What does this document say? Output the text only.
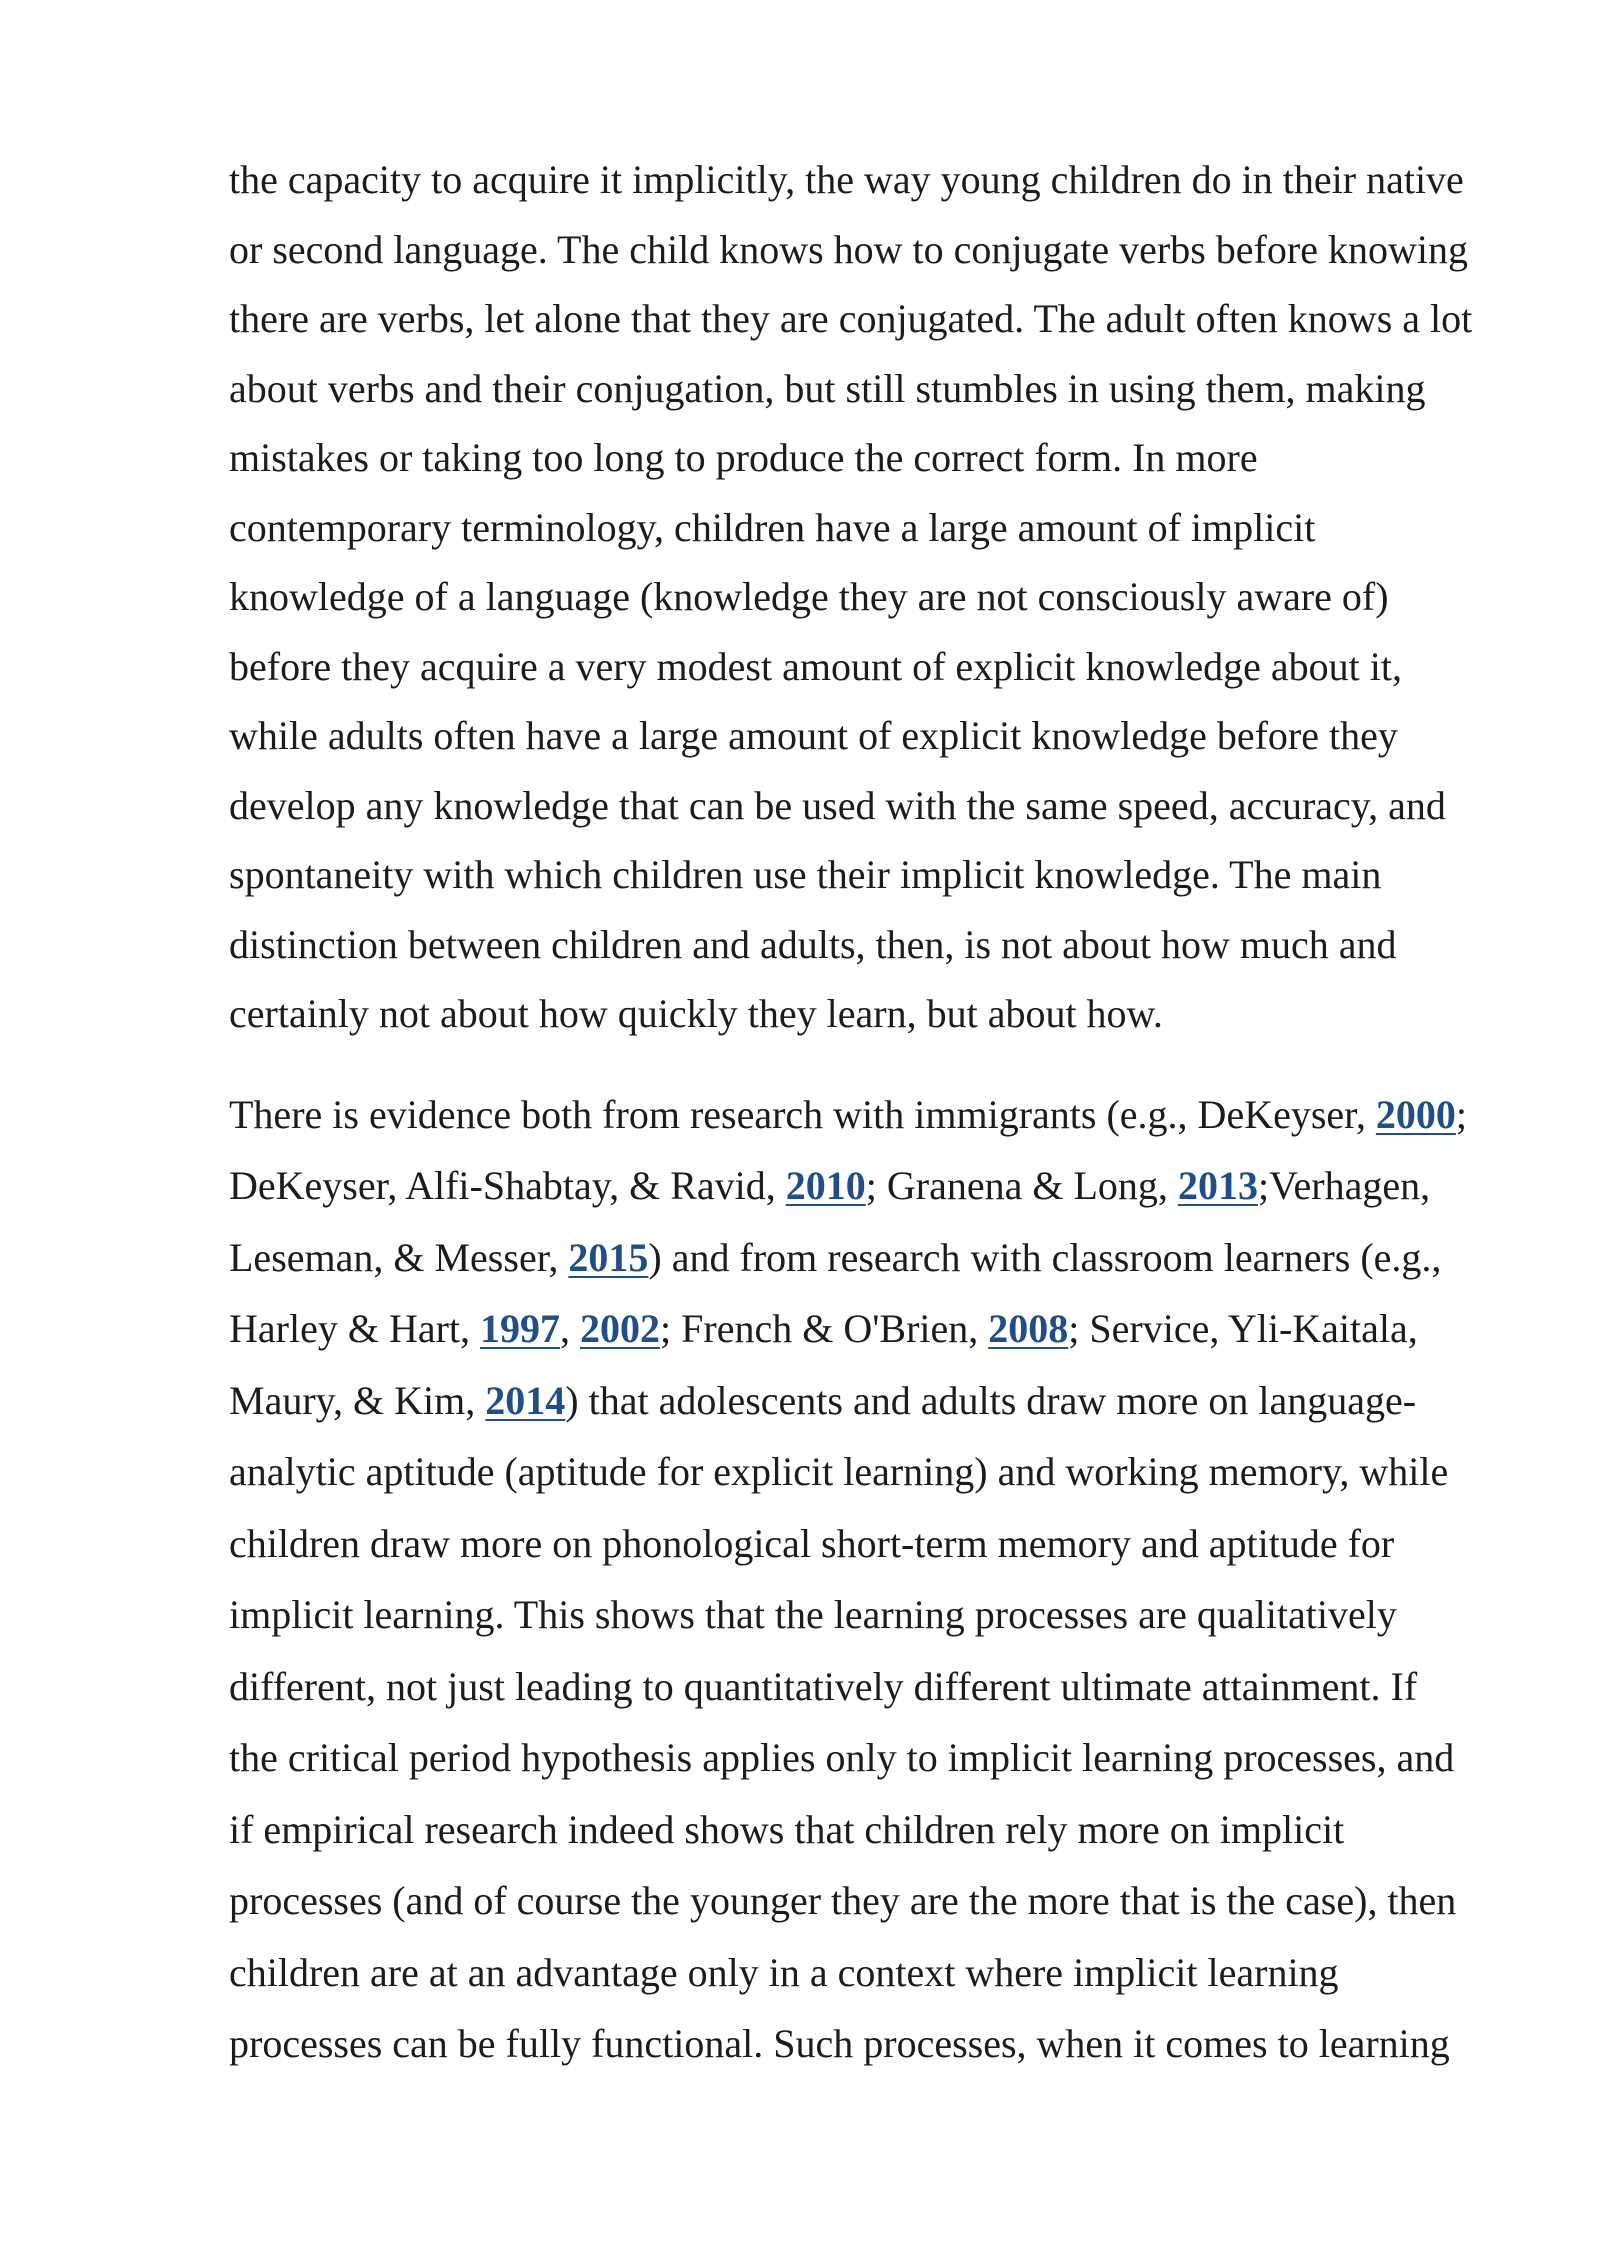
the capacity to acquire it implicitly, the way young children do in their native
or second language. The child knows how to conjugate verbs before knowing
there are verbs, let alone that they are conjugated. The adult often knows a lot
about verbs and their conjugation, but still stumbles in using them, making
mistakes or taking too long to produce the correct form. In more
contemporary terminology, children have a large amount of implicit
knowledge of a language (knowledge they are not consciously aware of)
before they acquire a very modest amount of explicit knowledge about it,
while adults often have a large amount of explicit knowledge before they
develop any knowledge that can be used with the same speed, accuracy, and
spontaneity with which children use their implicit knowledge. The main
distinction between children and adults, then, is not about how much and
certainly not about how quickly they learn, but about how.
There is evidence both from research with immigrants (e.g., DeKeyser, 2000;
DeKeyser, Alfi-Shabtay, & Ravid, 2010; Granena & Long, 2013;Verhagen,
Leseman, & Messer, 2015) and from research with classroom learners (e.g.,
Harley & Hart, 1997, 2002; French & O'Brien, 2008; Service, Yli-Kaitala,
Maury, & Kim, 2014) that adolescents and adults draw more on language-
analytic aptitude (aptitude for explicit learning) and working memory, while
children draw more on phonological short-term memory and aptitude for
implicit learning. This shows that the learning processes are qualitatively
different, not just leading to quantitatively different ultimate attainment. If
the critical period hypothesis applies only to implicit learning processes, and
if empirical research indeed shows that children rely more on implicit
processes (and of course the younger they are the more that is the case), then
children are at an advantage only in a context where implicit learning
processes can be fully functional. Such processes, when it comes to learning
